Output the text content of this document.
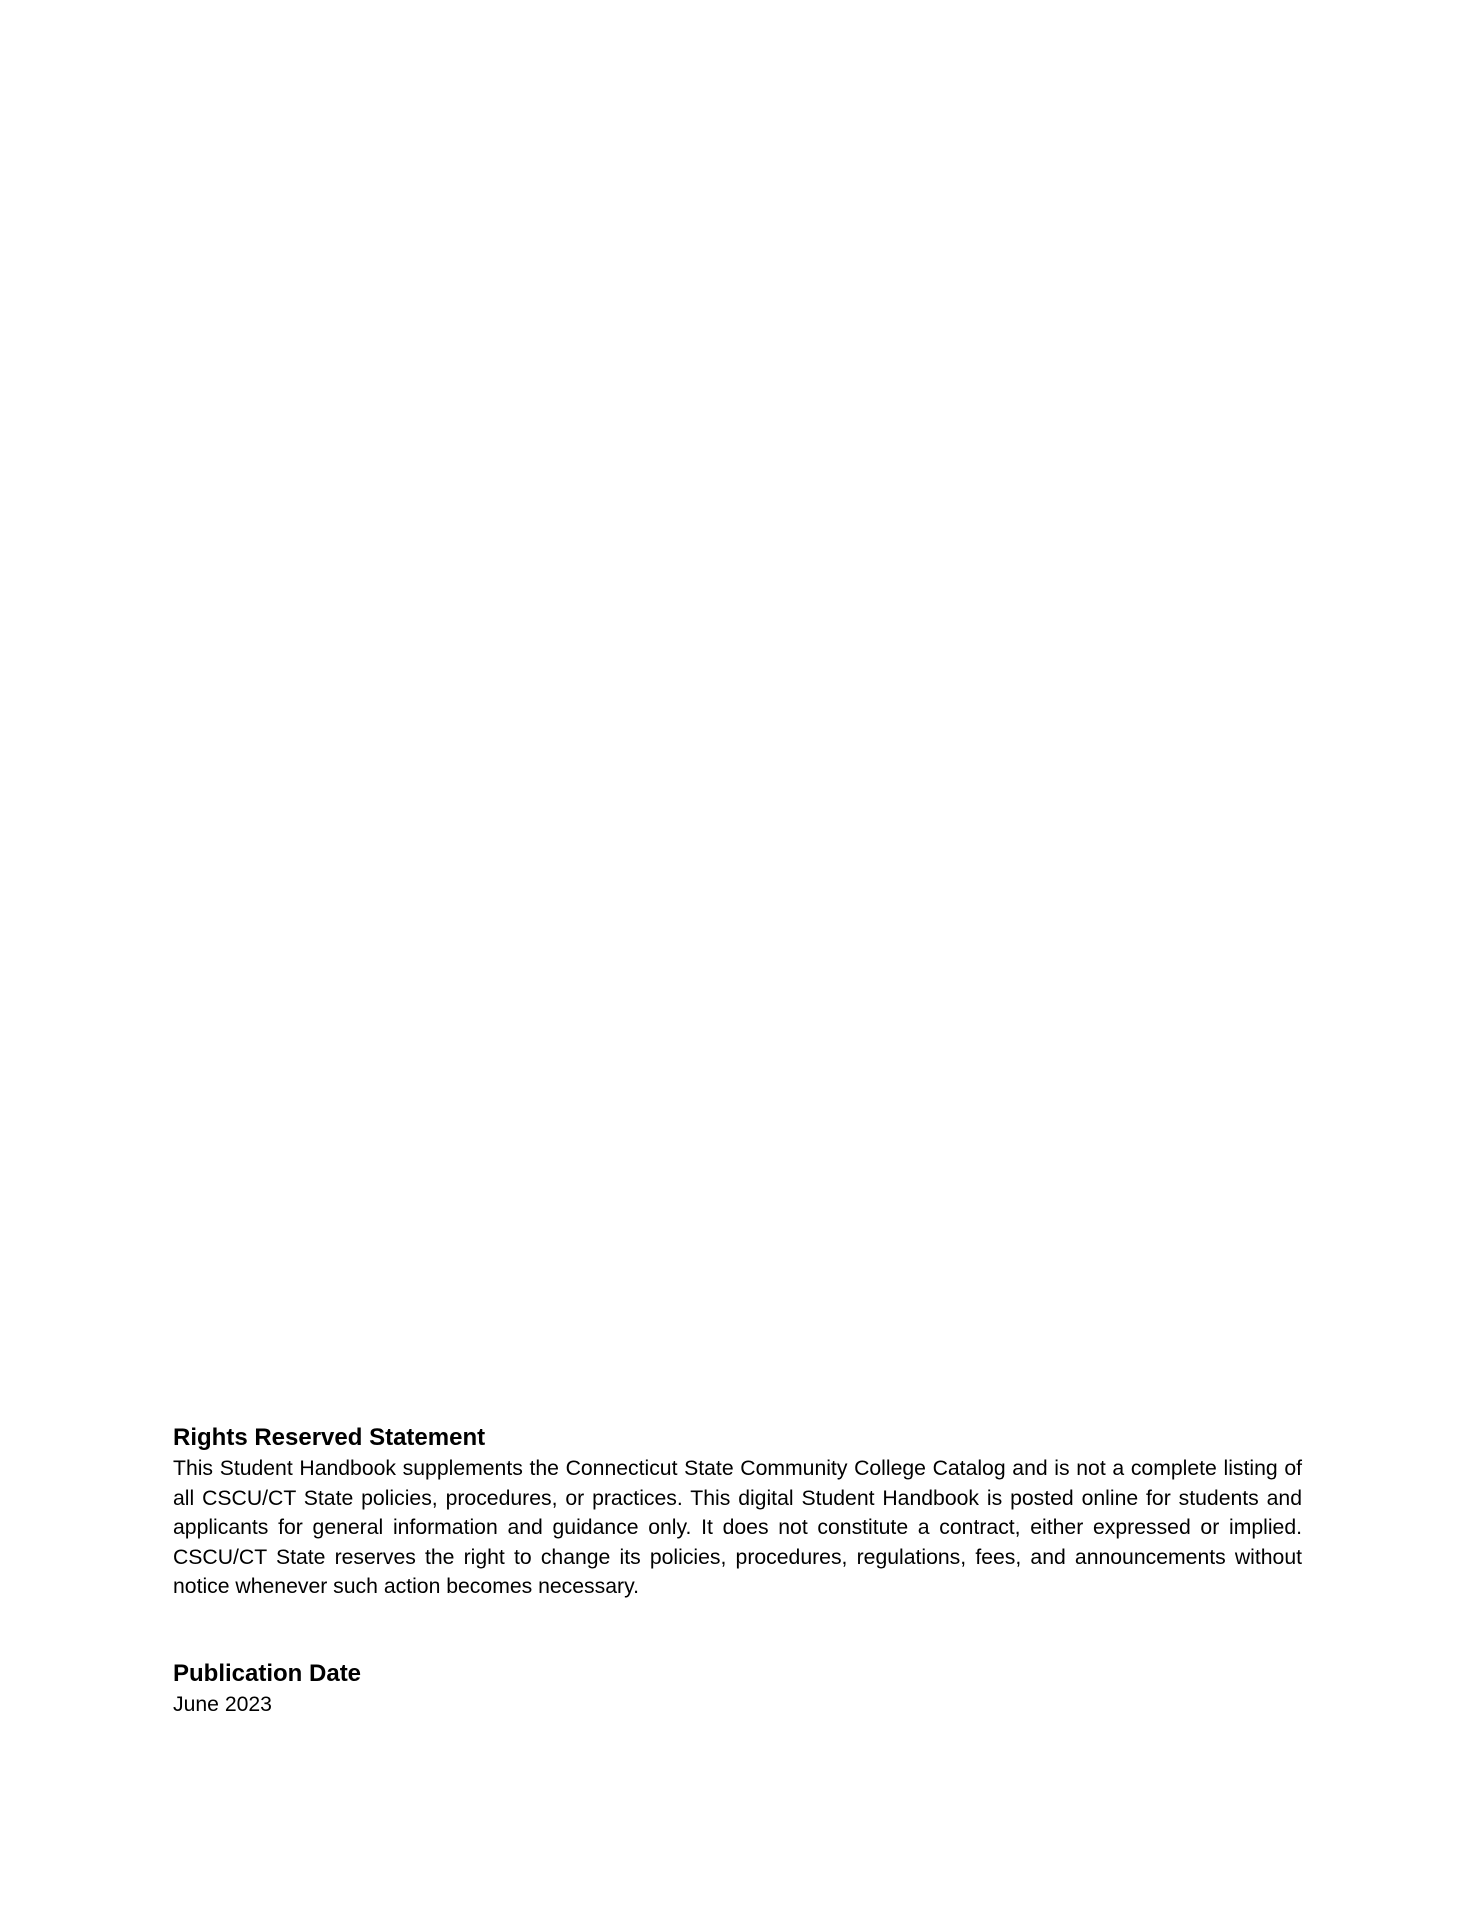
Rights Reserved Statement

This Student Handbook supplements the Connecticut State Community College Catalog and is not a complete listing of all CSCU/CT State policies, procedures, or practices. This digital Student Handbook is posted online for students and applicants for general information and guidance only. It does not constitute a contract, either expressed or implied. CSCU/CT State reserves the right to change its policies, procedures, regulations, fees, and announcements without notice whenever such action becomes necessary.

Publication Date

June 2023
